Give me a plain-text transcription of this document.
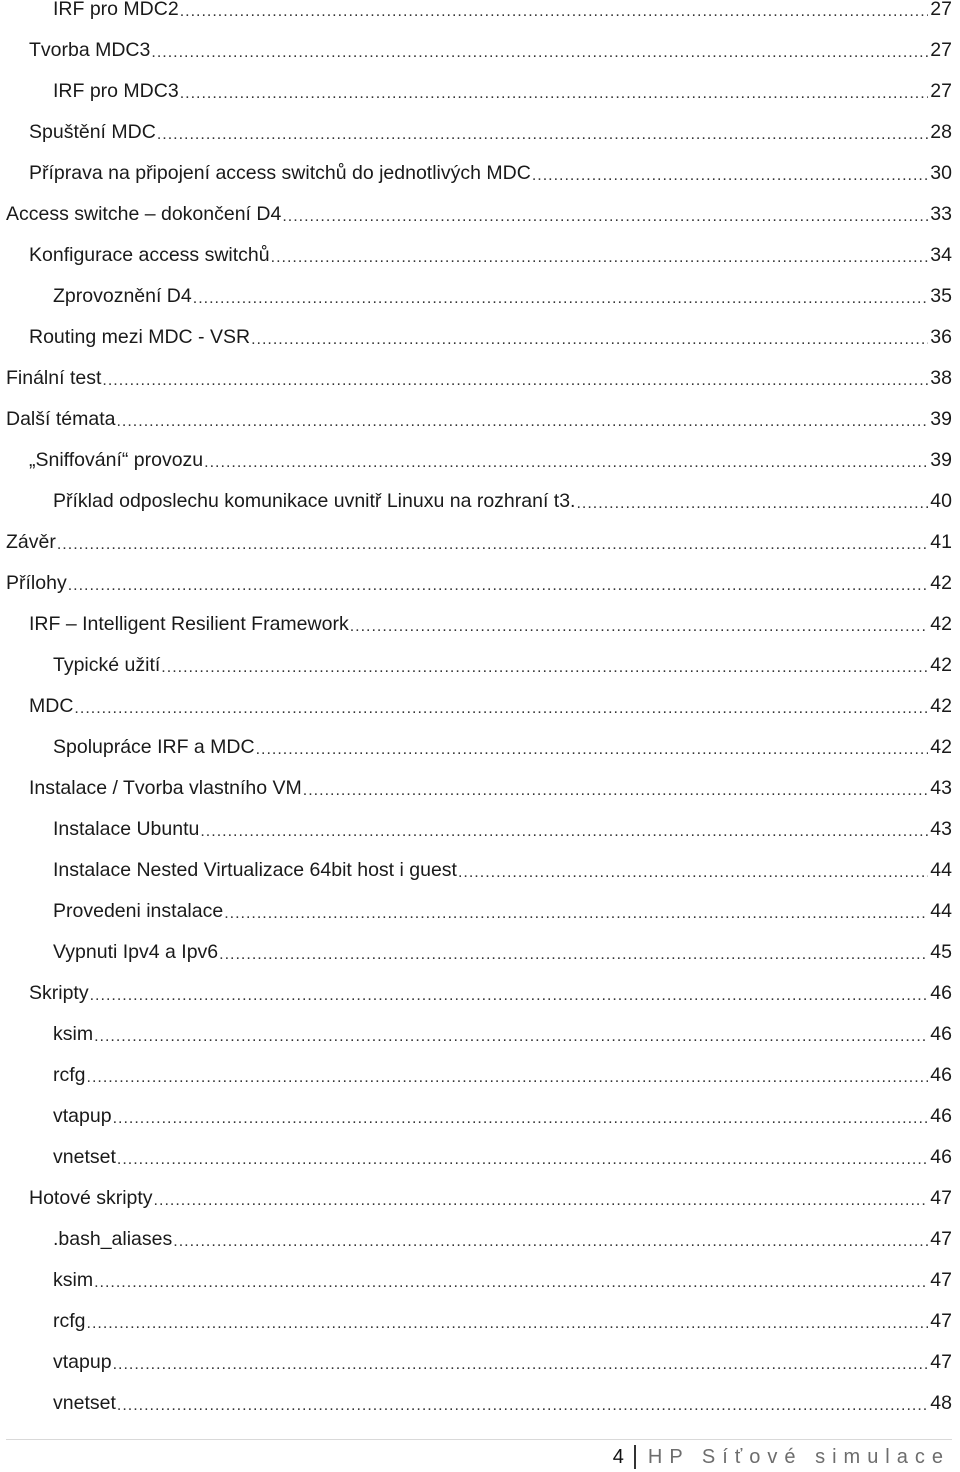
IRF pro MDC2 .....	27
Tvorba MDC3 .....	27
IRF pro MDC3 .....	27
Spuštění MDC .....	28
Příprava na připojení access switchů do jednotlivých MDC .....	30
Access switche – dokončení D4 .....	33
Konfigurace access switchů .....	34
Zprovoznění D4 .....	35
Routing mezi MDC - VSR .....	36
Finální test .....	38
Další témata .....	39
„Sniffování“ provozu .....	39
Příklad odposlechu komunikace uvnitř Linuxu na rozhraní t3. .....	40
Závěr .....	41
Přílohy .....	42
IRF – Intelligent Resilient Framework .....	42
Typické užití .....	42
MDC .....	42
Spolupráce IRF a MDC .....	42
Instalace / Tvorba vlastního VM .....	43
Instalace Ubuntu .....	43
Instalace Nested Virtualizace 64bit host i guest .....	44
Provedeni instalace .....	44
Vypnuti Ipv4 a Ipv6 .....	45
Skripty .....	46
ksim .....	46
rcfg .....	46
vtapup .....	46
vnetset .....	46
Hotové skripty .....	47
.bash_aliases .....	47
ksim .....	47
rcfg .....	47
vtapup .....	47
vnetset .....	48
4 HP Síťové simulace
